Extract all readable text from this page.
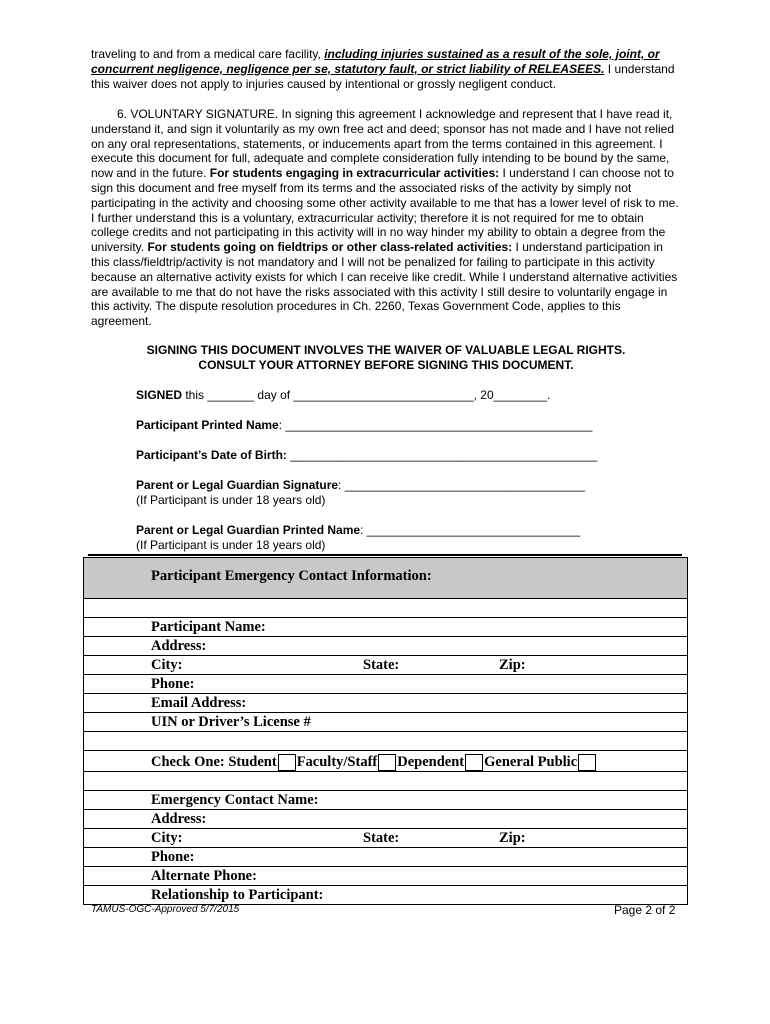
traveling to and from a medical care facility, including injuries sustained as a result of the sole, joint, or concurrent negligence, negligence per se, statutory fault, or strict liability of RELEASEES. I understand this waiver does not apply to injuries caused by intentional or grossly negligent conduct.
6. VOLUNTARY SIGNATURE. In signing this agreement I acknowledge and represent that I have read it, understand it, and sign it voluntarily as my own free act and deed; sponsor has not made and I have not relied on any oral representations, statements, or inducements apart from the terms contained in this agreement. I execute this document for full, adequate and complete consideration fully intending to be bound by the same, now and in the future. For students engaging in extracurricular activities: I understand I can choose not to sign this document and free myself from its terms and the associated risks of the activity by simply not participating in the activity and choosing some other activity available to me that has a lower level of risk to me. I further understand this is a voluntary, extracurricular activity; therefore it is not required for me to obtain college credits and not participating in this activity will in no way hinder my ability to obtain a degree from the university. For students going on fieldtrips or other class-related activities: I understand participation in this class/fieldtrip/activity is not mandatory and I will not be penalized for failing to participate in this activity because an alternative activity exists for which I can receive like credit. While I understand alternative activities are available to me that do not have the risks associated with this activity I still desire to voluntarily engage in this activity. The dispute resolution procedures in Ch. 2260, Texas Government Code, applies to this agreement.
SIGNING THIS DOCUMENT INVOLVES THE WAIVER OF VALUABLE LEGAL RIGHTS.
CONSULT YOUR ATTORNEY BEFORE SIGNING THIS DOCUMENT.
SIGNED this _______ day of ___________________________, 20________.
Participant Printed Name: ______________________________________________
Participant’s Date of Birth: ______________________________________________
Parent or Legal Guardian Signature: ____________________________________
(If Participant is under 18 years old)
Parent or Legal Guardian Printed Name: ________________________________
(If Participant is under 18 years old)
Participant Emergency Contact Information:

Participant Name:
Address:

City:	State:	Zip:

Phone:
Email Address:
UIN or Driver’s License #

Check One: Student Faculty/Staff Dependent General Public

Emergency Contact Name:
Address:

City:	State:	Zip:

Phone:
Alternate Phone:
Relationship to Participant:
TAMUS-OGC-Approved 5/7/2015	Page 2 of 2
